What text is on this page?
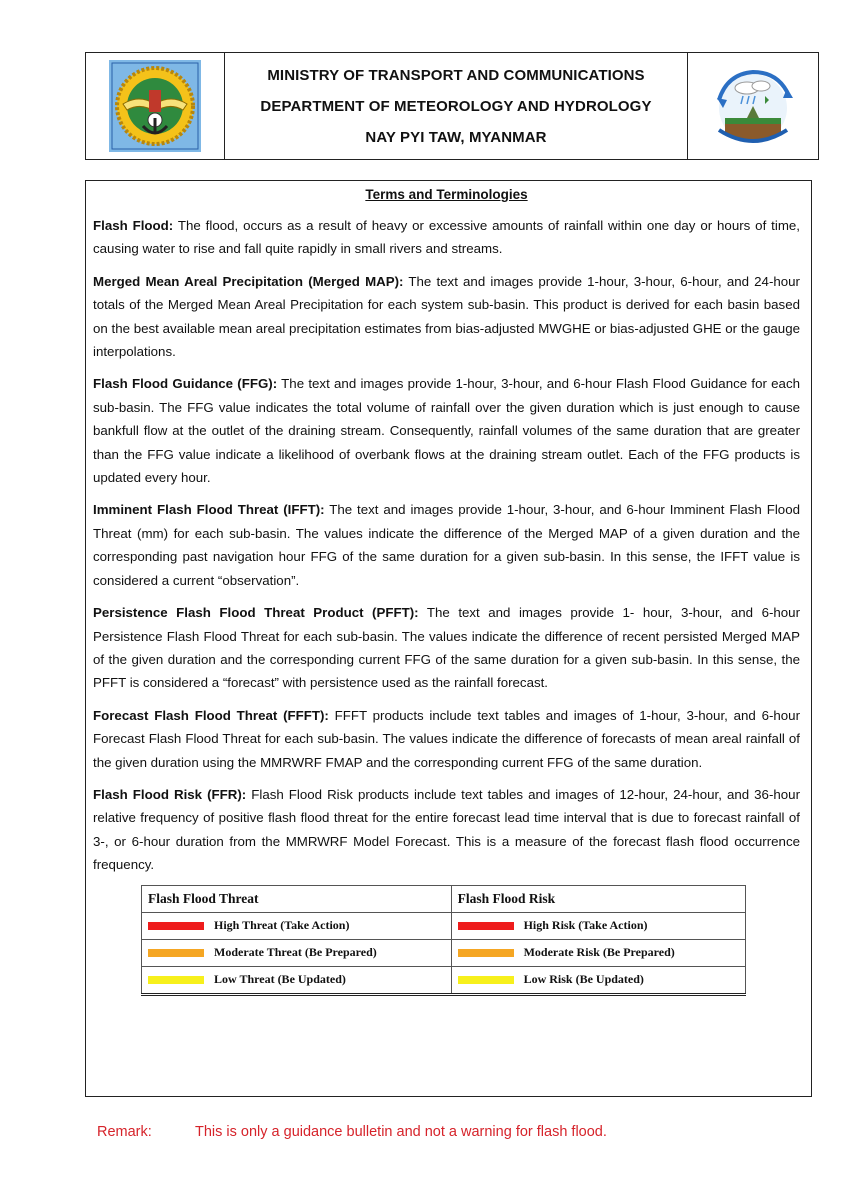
MINISTRY OF TRANSPORT AND COMMUNICATIONS
DEPARTMENT OF METEOROLOGY AND HYDROLOGY
NAY PYI TAW, MYANMAR
Terms and Terminologies

Flash Flood: The flood, occurs as a result of heavy or excessive amounts of rainfall within one day or hours of time, causing water to rise and fall quite rapidly in small rivers and streams.

Merged Mean Areal Precipitation (Merged MAP): The text and images provide 1-hour, 3-hour, 6-hour, and 24-hour totals of the Merged Mean Areal Precipitation for each system sub-basin. This product is derived for each basin based on the best available mean areal precipitation estimates from bias-adjusted MWGHE or bias-adjusted GHE or the gauge interpolations.

Flash Flood Guidance (FFG): The text and images provide 1-hour, 3-hour, and 6-hour Flash Flood Guidance for each sub-basin. The FFG value indicates the total volume of rainfall over the given duration which is just enough to cause bankfull flow at the outlet of the draining stream. Consequently, rainfall volumes of the same duration that are greater than the FFG value indicate a likelihood of overbank flows at the draining stream outlet. Each of the FFG products is updated every hour.

Imminent Flash Flood Threat (IFFT): The text and images provide 1-hour, 3-hour, and 6-hour Imminent Flash Flood Threat (mm) for each sub-basin. The values indicate the difference of the Merged MAP of a given duration and the corresponding past navigation hour FFG of the same duration for a given sub-basin. In this sense, the IFFT value is considered a current “observation”.

Persistence Flash Flood Threat Product (PFFT): The text and images provide 1- hour, 3-hour, and 6-hour Persistence Flash Flood Threat for each sub-basin. The values indicate the difference of recent persisted Merged MAP of the given duration and the corresponding current FFG of the same duration for a given sub-basin. In this sense, the PFFT is considered a “forecast” with persistence used as the rainfall forecast.

Forecast Flash Flood Threat (FFFT): FFFT products include text tables and images of 1-hour, 3-hour, and 6-hour Forecast Flash Flood Threat for each sub-basin. The values indicate the difference of forecasts of mean areal rainfall of the given duration using the MMRWRF FMAP and the corresponding current FFG of the same duration.

Flash Flood Risk (FFR): Flash Flood Risk products include text tables and images of 12-hour, 24-hour, and 36-hour relative frequency of positive flash flood threat for the entire forecast lead time interval that is due to forecast rainfall of 3-, or 6-hour duration from the MMRWRF Model Forecast. This is a measure of the forecast flash flood occurrence frequency.

Flash Flood Threat	Flash Flood Risk
High Threat (Take Action)	High Risk (Take Action)
Moderate Threat (Be Prepared)	Moderate Risk (Be Prepared)
Low Threat (Be Updated)	Low Risk (Be Updated)
Remark:	This is only a guidance bulletin and not a warning for flash flood.
